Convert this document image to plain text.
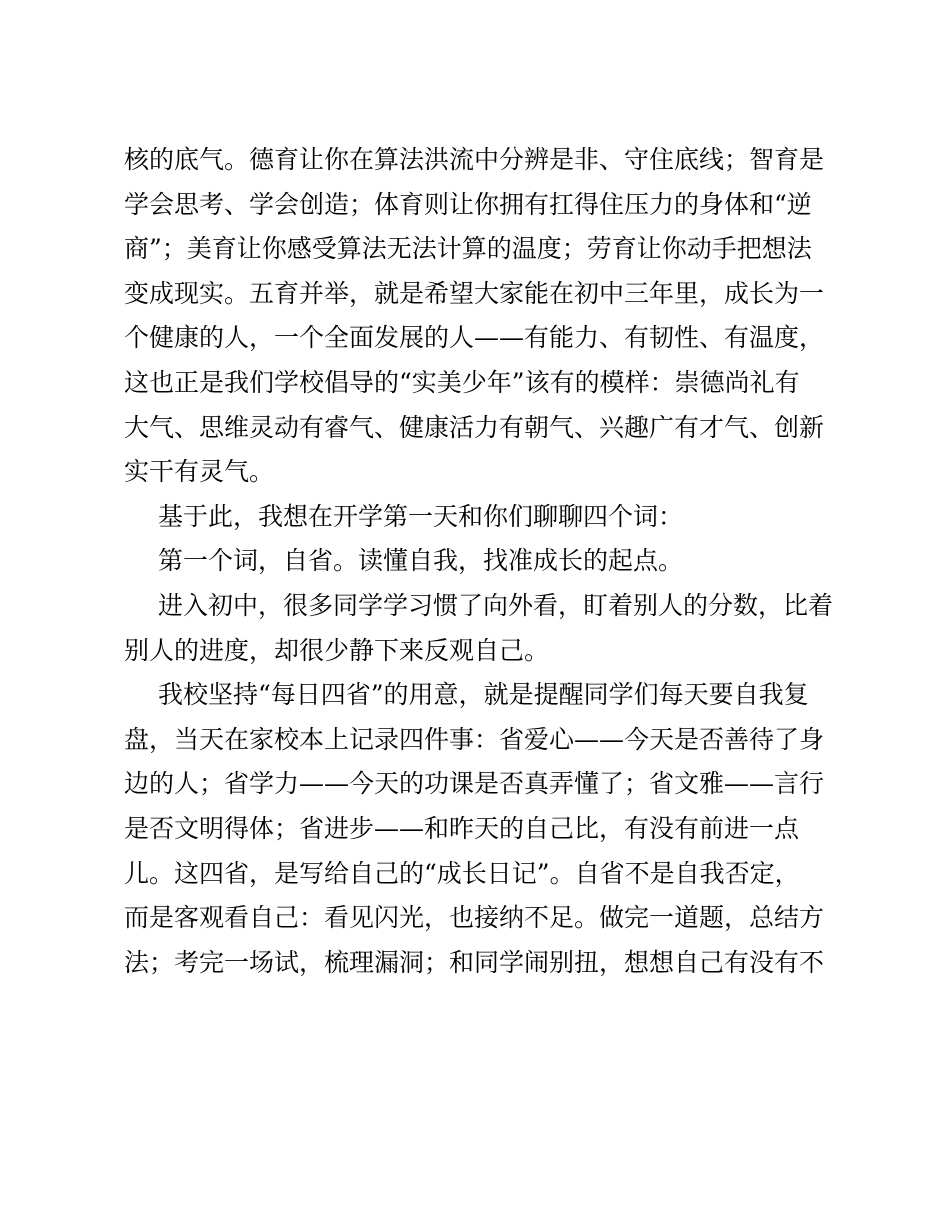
核的底气。德育让你在算法洪流中分辨是非、守住底线；智育是
学会思考、学会创造；体育则让你拥有扛得住压力的身体和“逆
商”；美育让你感受算法无法计算的温度；劳育让你动手把想法
变成现实。五育并举，就是希望大家能在初中三年里，成长为一
个健康的人，一个全面发展的人——有能力、有韧性、有温度，
这也正是我们学校倡导的“实美少年”该有的模样：崇德尚礼有
大气、思维灵动有睿气、健康活力有朝气、兴趣广有才气、创新
实干有灵气。
基于此，我想在开学第一天和你们聊聊四个词：
第一个词，自省。读懂自我，找准成长的起点。
进入初中，很多同学学习惯了向外看，盯着别人的分数，比着
别人的进度，却很少静下来反观自己。
我校坚持“每日四省”的用意，就是提醒同学们每天要自我复
盘，当天在家校本上记录四件事：省爱心——今天是否善待了身
边的人；省学力——今天的功课是否真弄懂了；省文雅——言行
是否文明得体；省进步——和昨天的自己比，有没有前进一点
儿。这四省，是写给自己的“成长日记”。自省不是自我否定，
而是客观看自己：看见闪光，也接纳不足。做完一道题，总结方
法；考完一场试，梳理漏洞；和同学闹别扭，想想自己有没有不
